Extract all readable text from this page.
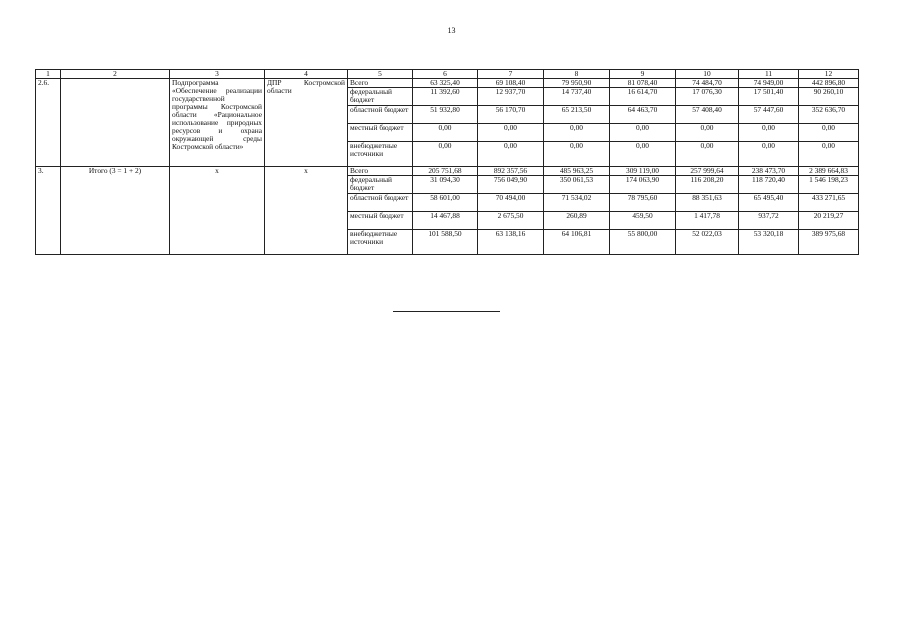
13
1	2	3	4	5	6	7	8	9	10	11	12
2.6.		Подпрограмма «Обеспечение реализации государственной программы Костромской области «Рациональное использование природных ресурсов и охрана окружающей среды Костромской области»	ДПР Костромской области	Всего	63 325,40	69 108,40	79 950,90	81 078,40	74 484,70	74 949,00	442 896,80
				федеральный бюджет	11 392,60	12 937,70	14 737,40	16 614,70	17 076,30	17 501,40	90 260,10
				областной бюджет	51 932,80	56 170,70	65 213,50	64 463,70	57 408,40	57 447,60	352 636,70
				местный бюджет	0,00	0,00	0,00	0,00	0,00	0,00	0,00
				внебюджетные источники	0,00	0,00	0,00	0,00	0,00	0,00	0,00
3.	Итого (3 = 1 + 2)	х	х	Всего	205 751,68	892 357,56	485 963,25	309 119,00	257 999,64	238 473,70	2 389 664,83
				федеральный бюджет	31 094,30	756 049,90	350 061,53	174 063,90	116 208,20	118 720,40	1 546 198,23
				областной бюджет	58 601,00	70 494,00	71 534,02	78 795,60	88 351,63	65 495,40	433 271,65
				местный бюджет	14 467,88	2 675,50	260,89	459,50	1 417,78	937,72	20 219,27
				внебюджетные источники	101 588,50	63 138,16	64 106,81	55 800,00	52 022,03	53 320,18	389 975,68
